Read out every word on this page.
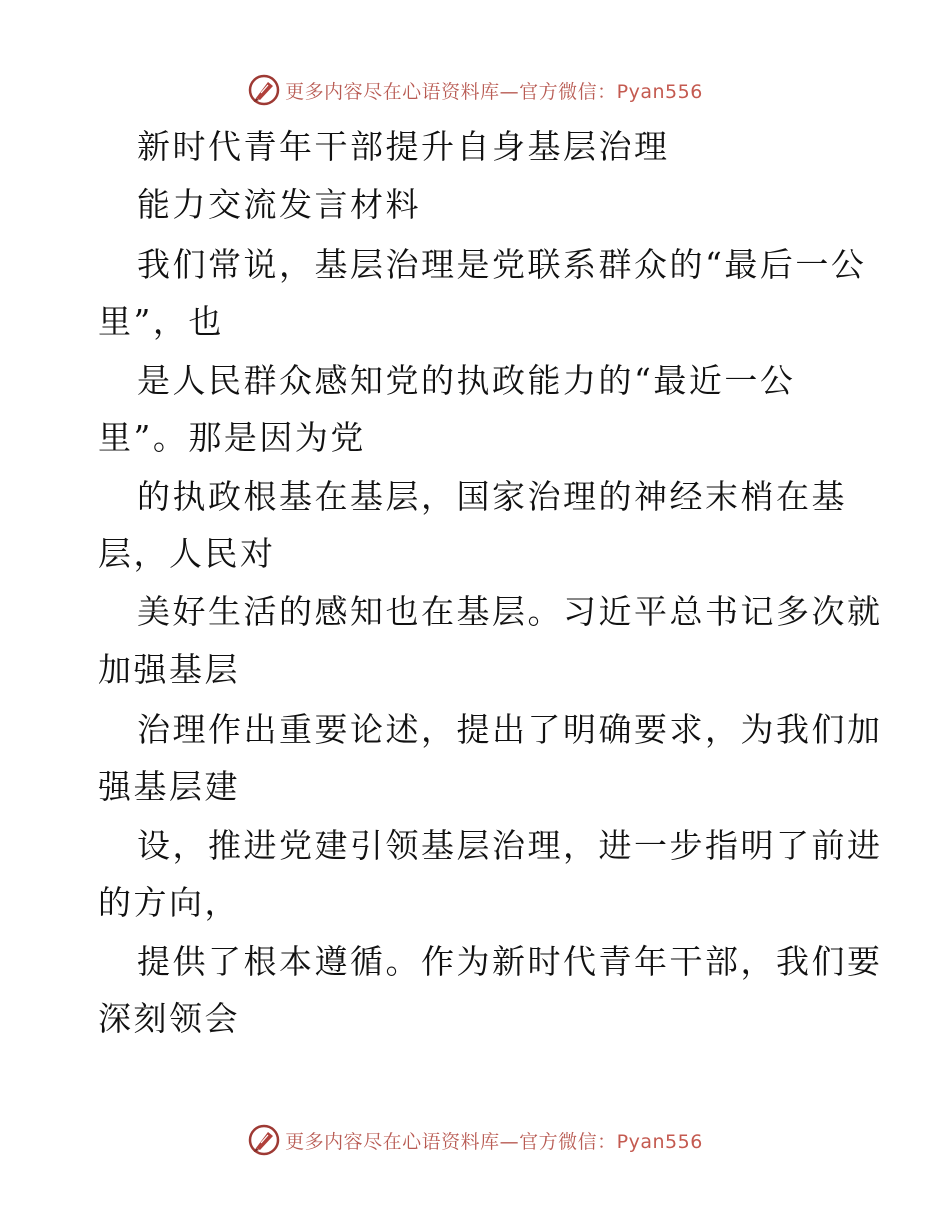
更多内容尽在心语资料库—官方微信：Pyan556
新时代青年干部提升自身基层治理
能力交流发言材料
我们常说，基层治理是党联系群众的“最后一公
里”，也
是人民群众感知党的执政能力的“最近一公
里”。那是因为党
的执政根基在基层，国家治理的神经末梢在基
层，人民对
美好生活的感知也在基层。习近平总书记多次就
加强基层
治理作出重要论述，提出了明确要求，为我们加
强基层建
设，推进党建引领基层治理，进一步指明了前进
的方向，
提供了根本遵循。作为新时代青年干部，我们要
深刻领会
更多内容尽在心语资料库—官方微信：Pyan556
